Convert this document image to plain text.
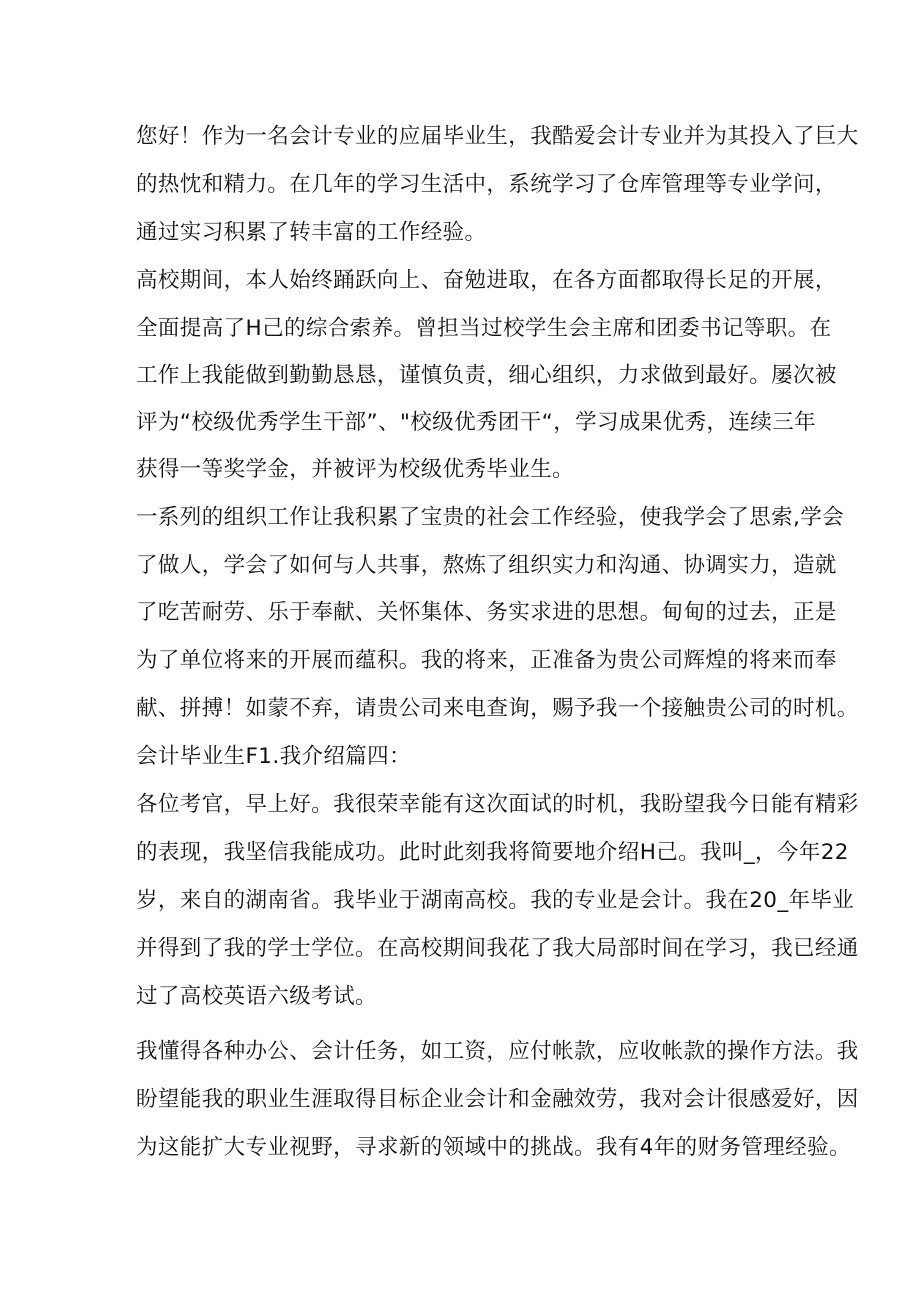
您好！作为一名会计专业的应届毕业生，我酷爱会计专业并为其投入了巨大
的热忱和精力。在几年的学习生活中，系统学习了仓库管理等专业学问，
通过实习积累了转丰富的工作经验。
高校期间，本人始终踊跃向上、奋勉进取，在各方面都取得长足的开展，
全面提高了H己的综合索养。曾担当过校学生会主席和团委书记等职。在
工作上我能做到勤勤恳恳，谨慎负责，细心组织，力求做到最好。屡次被
评为“校级优秀学生干部”、"校级优秀团干“，学习成果优秀，连续三年
获得一等奖学金，并被评为校级优秀毕业生。
一系列的组织工作让我积累了宝贵的社会工作经验，使我学会了思索,学会
了做人，学会了如何与人共事，熬炼了组织实力和沟通、协调实力，造就
了吃苦耐劳、乐于奉献、关怀集体、务实求进的思想。甸甸的过去，正是
为了单位将来的开展而蕴积。我的将来，正准备为贵公司辉煌的将来而奉
献、拼搏！如蒙不弃，请贵公司来电查询，赐予我一个接触贵公司的时机。
会计毕业生F1.我介绍篇四：
各位考官，早上好。我很荣幸能有这次面试的时机，我盼望我今日能有精彩
的表现，我坚信我能成功。此时此刻我将简要地介绍H己。我叫_，今年22
岁，来自的湖南省。我毕业于湖南高校。我的专业是会计。我在20_年毕业
并得到了我的学士学位。在高校期间我花了我大局部时间在学习，我已经通
过了高校英语六级考试。
我懂得各种办公、会计任务，如工资，应付帐款，应收帐款的操作方法。我
盼望能我的职业生涯取得目标企业会计和金融效劳，我对会计很感爱好，因
为这能扩大专业视野，寻求新的领域中的挑战。我有4年的财务管理经验。
